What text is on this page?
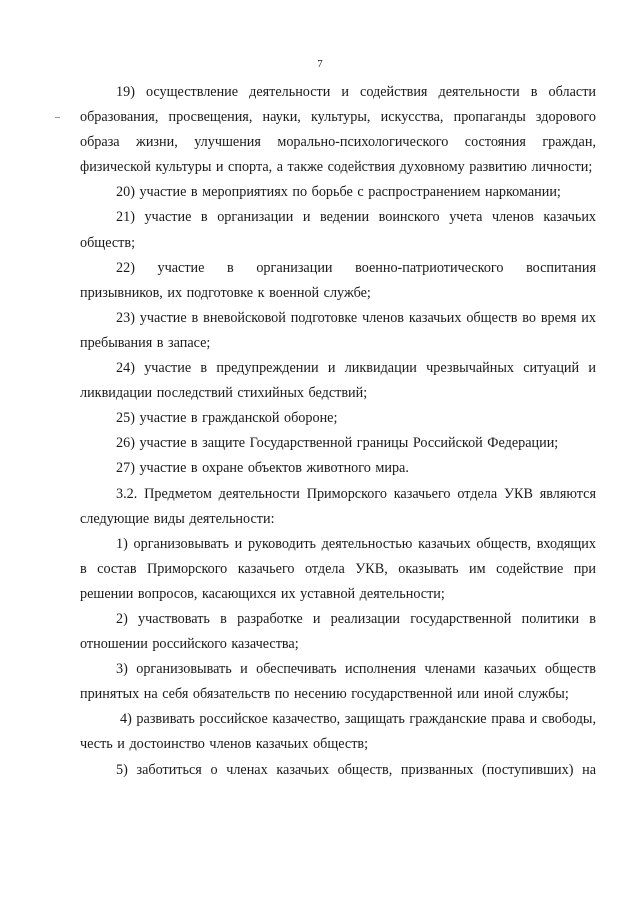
7

19) осуществление деятельности и содействия деятельности в области образования, просвещения, науки, культуры, искусства, пропаганды здорового образа жизни, улучшения морально-психологического состояния граждан, физической культуры и спорта, а также содействия духовному развитию личности;

20) участие в мероприятиях по борьбе с распространением наркомании;

21) участие в организации и ведении воинского учета членов казачьих обществ;

22) участие в организации военно-патриотического воспитания

призывников, их подготовке к военной службе;

23) участие в вневойсковой подготовке членов казачьих обществ во время их пребывания в запасе;

24) участие в предупреждении и ликвидации чрезвычайных ситуаций и ликвидации последствий стихийных бедствий;

25) участие в гражданской обороне;

26) участие в защите Государственной границы Российской Федерации;

27) участие в охране объектов животного мира.

3.2. Предметом деятельности Приморского казачьего отдела УКВ являются следующие виды деятельности:

1) организовывать и руководить деятельностью казачьих обществ, входящих в состав Приморского казачьего отдела УКВ, оказывать им содействие при решении вопросов, касающихся их уставной деятельности;

2) участвовать в разработке и реализации государственной политики в отношении российского казачества;

3) организовывать и обеспечивать исполнения членами казачьих обществ принятых на себя обязательств по несению государственной или иной службы;

4) развивать российское казачество, защищать гражданские права и свободы, честь и достоинство членов казачьих обществ;

5) заботиться о членах казачьих обществ, призванных (поступивших) на
